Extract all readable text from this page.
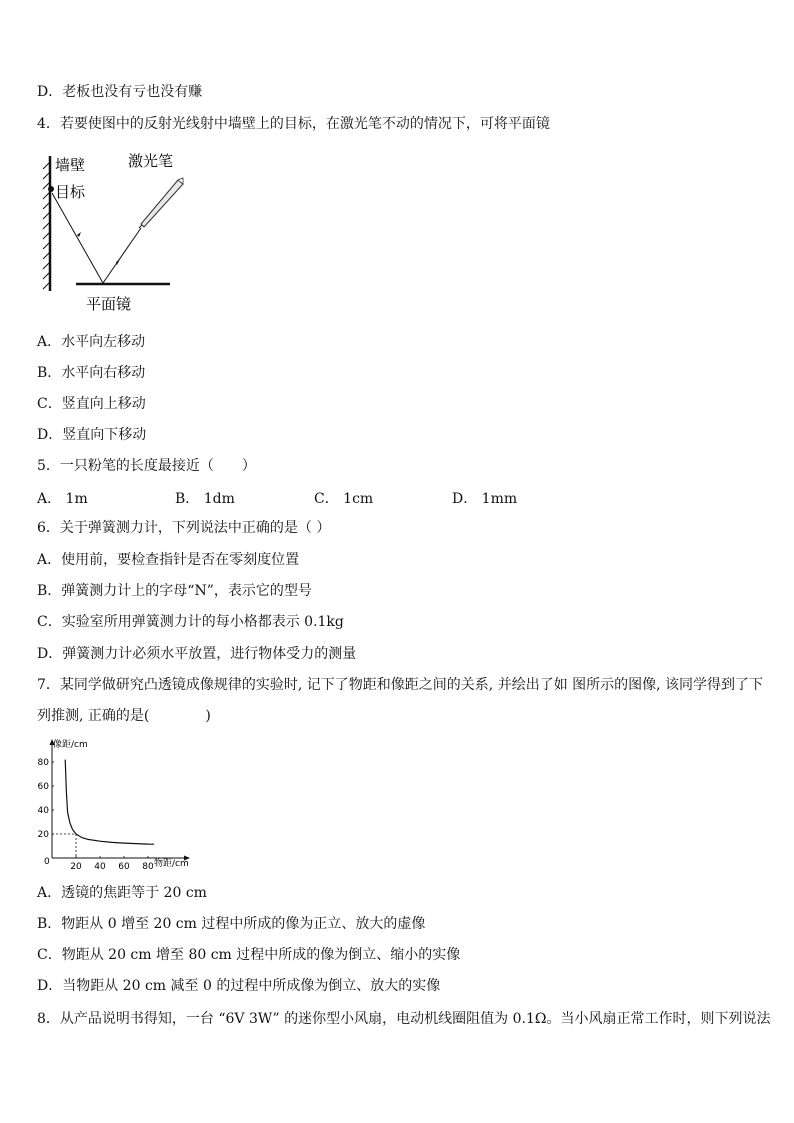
D．老板也没有亏也没有赚
4．若要使图中的反射光线射中墙壁上的目标，在激光笔不动的情况下，可将平面镜
墙壁
目标
激光笔
平面镜
A．水平向左移动
B．水平向右移动
C．竖直向上移动
D．竖直向下移动
5．一只粉笔的长度最接近（　　）
A． 1m	B． 1dm	C． 1cm	D． 1mm
6．关于弹簧测力计，下列说法中正确的是（ ）
A．使用前，要检查指针是否在零刻度位置
B．弹簧测力计上的字母“N”，表示它的型号
C．实验室所用弹簧测力计的每小格都表示 0.1kg
D．弹簧测力计必须水平放置，进行物体受力的测量
7．某同学做研究凸透镜成像规律的实验时, 记下了物距和像距之间的关系, 并绘出了如 图所示的图像, 该同学得到了下
列推测, 正确的是(　　　　)
20 40 60 80
20
40
60
80
像距/cm
物距/cm
0
A．透镜的焦距等于 20 cm
B．物距从 0 增至 20 cm 过程中所成的像为正立、放大的虚像
C．物距从 20 cm 增至 80 cm 过程中所成的像为倒立、缩小的实像
D．当物距从 20 cm 减至 0 的过程中所成像为倒立、放大的实像
8．从产品说明书得知，一台 “6V 3W” 的迷你型小风扇，电动机线圈阻值为 0.1Ω。当小风扇正常工作时，则下列说法
